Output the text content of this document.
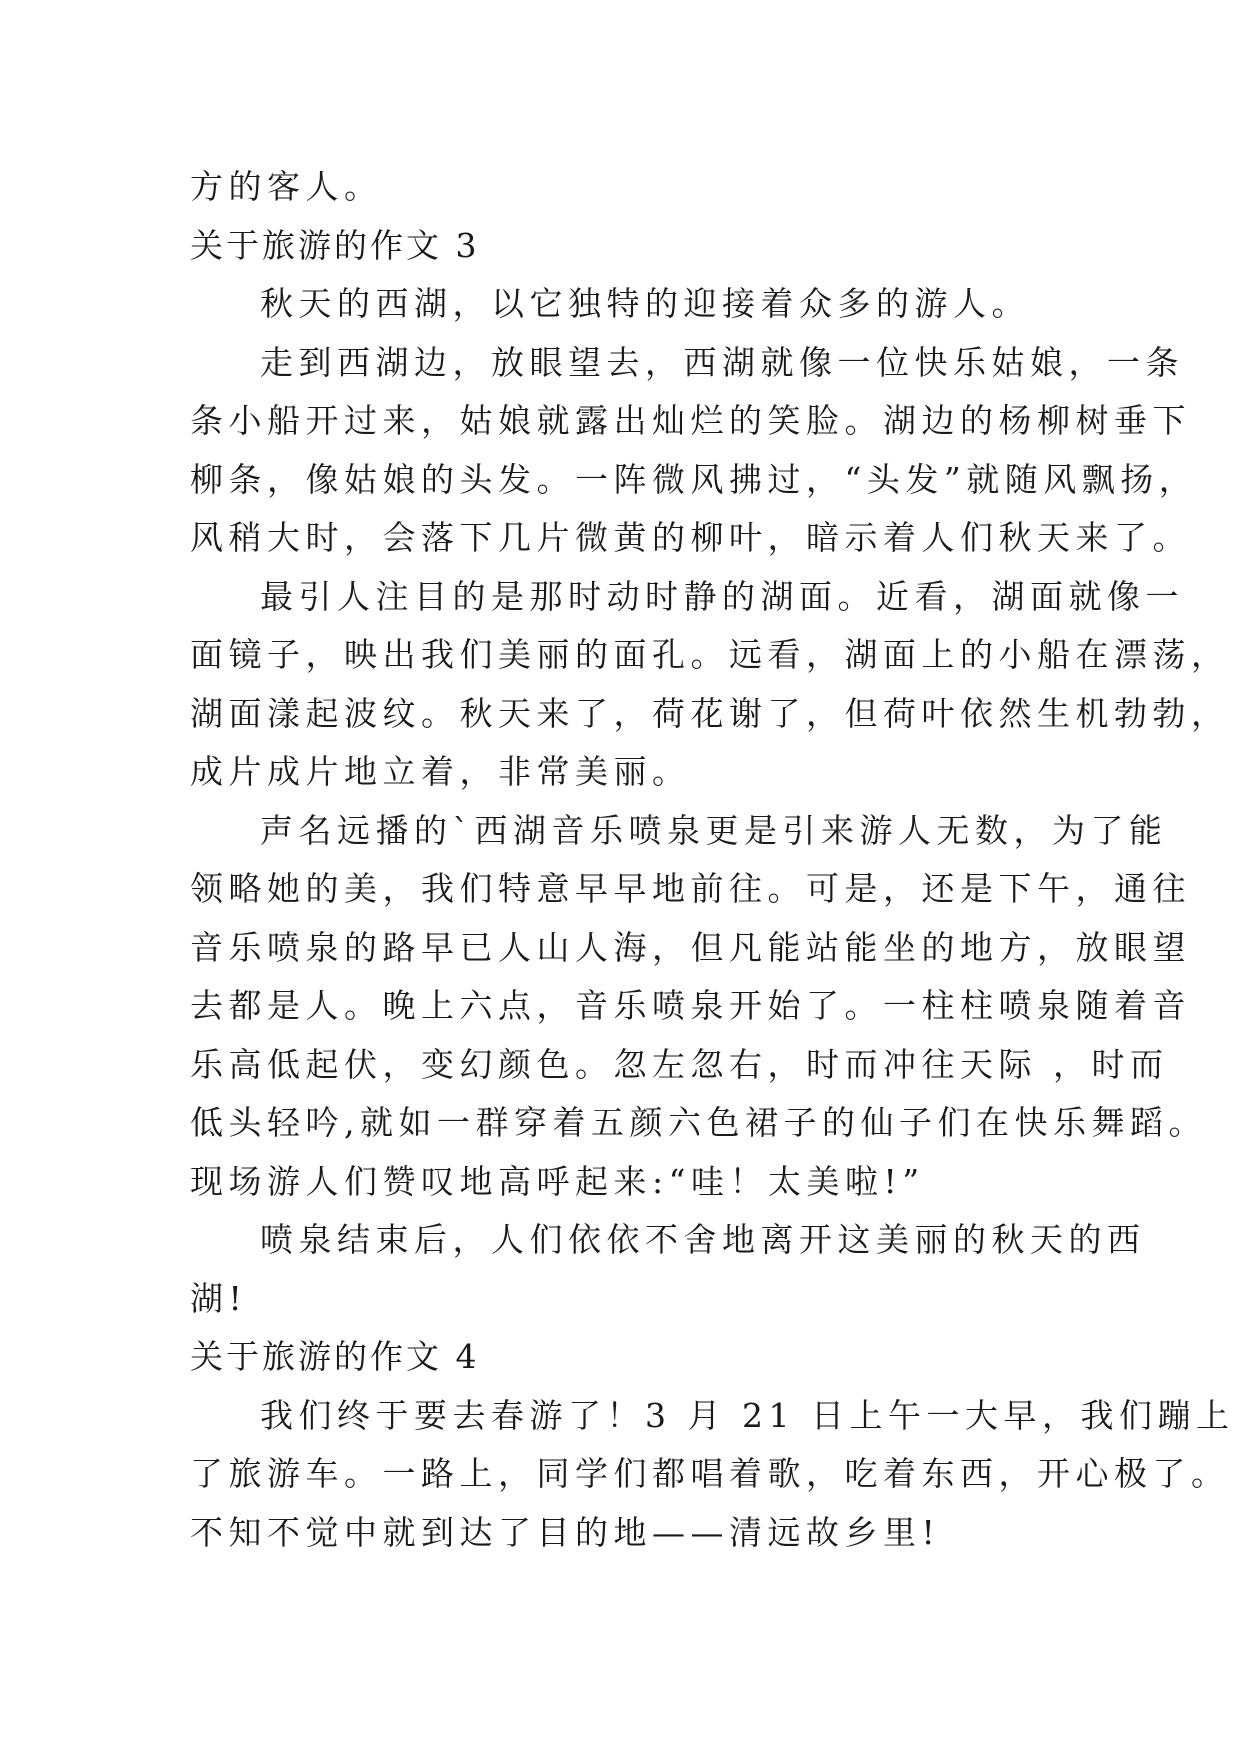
方的客人。
关于旅游的作文 3
秋天的西湖，以它独特的迎接着众多的游人。
走到西湖边，放眼望去，西湖就像一位快乐姑娘，一条
条小船开过来，姑娘就露出灿烂的笑脸。湖边的杨柳树垂下
柳条，像姑娘的头发。一阵微风拂过，“头发”就随风飘扬，
风稍大时，会落下几片微黄的柳叶，暗示着人们秋天来了。
最引人注目的是那时动时静的湖面。近看，湖面就像一
面镜子，映出我们美丽的面孔。远看，湖面上的小船在漂荡，
湖面漾起波纹。秋天来了，荷花谢了，但荷叶依然生机勃勃，
成片成片地立着，非常美丽。
声名远播的`西湖音乐喷泉更是引来游人无数，为了能
领略她的美，我们特意早早地前往。可是，还是下午，通往
音乐喷泉的路早已人山人海，但凡能站能坐的地方，放眼望
去都是人。晚上六点，音乐喷泉开始了。一柱柱喷泉随着音
乐高低起伏，变幻颜色。忽左忽右，时而冲往天际 ，时而
低头轻吟,就如一群穿着五颜六色裙子的仙子们在快乐舞蹈。
现场游人们赞叹地高呼起来:“哇！太美啦!”
喷泉结束后，人们依依不舍地离开这美丽的秋天的西
湖!
关于旅游的作文 4
我们终于要去春游了！3 月 21 日上午一大早，我们蹦上
了旅游车。一路上，同学们都唱着歌，吃着东西，开心极了。
不知不觉中就到达了目的地——清远故乡里!
